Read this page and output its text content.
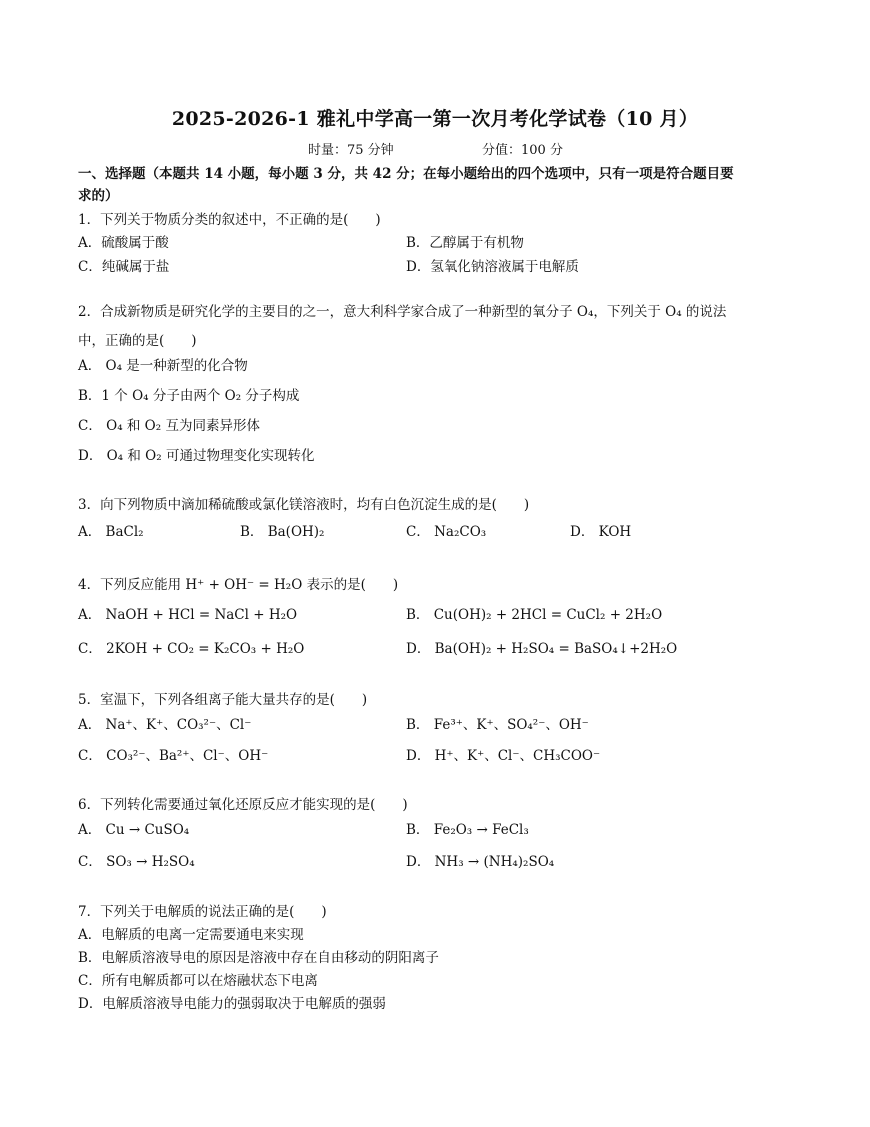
2025-2026-1 雅礼中学高一第一次月考化学试卷（10 月）
时量：75 分钟	分值：100 分
一、选择题（本题共 14 小题，每小题 3 分，共 42 分；在每小题给出的四个选项中，只有一项是符合题目要
求的）
1．下列关于物质分类的叙述中，不正确的是(　　)
A．硫酸属于酸	B．乙醇属于有机物
C．纯碱属于盐	D．氢氧化钠溶液属于电解质
2．合成新物质是研究化学的主要目的之一，意大利科学家合成了一种新型的氧分子 O₄，下列关于 O₄ 的说法
中，正确的是(　　)
A． O₄ 是一种新型的化合物
B．1 个 O₄ 分子由两个 O₂ 分子构成
C． O₄ 和 O₂ 互为同素异形体
D． O₄ 和 O₂ 可通过物理变化实现转化
3．向下列物质中滴加稀硫酸或氯化镁溶液时，均有白色沉淀生成的是(　　)
A． BaCl₂	B． Ba(OH)₂	C． Na₂CO₃	D． KOH
4．下列反应能用 H⁺ + OH⁻ = H₂O 表示的是(　　)
A． NaOH + HCl = NaCl + H₂O	B． Cu(OH)₂ + 2HCl = CuCl₂ + 2H₂O
C． 2KOH + CO₂ = K₂CO₃ + H₂O	D． Ba(OH)₂ + H₂SO₄ = BaSO₄↓+2H₂O
5．室温下，下列各组离子能大量共存的是(　　)
A． Na⁺、K⁺、CO₃²⁻、Cl⁻	B． Fe³⁺、K⁺、SO₄²⁻、OH⁻
C． CO₃²⁻、Ba²⁺、Cl⁻、OH⁻	D． H⁺、K⁺、Cl⁻、CH₃COO⁻
6．下列转化需要通过氧化还原反应才能实现的是(　　)
A． Cu → CuSO₄	B． Fe₂O₃ → FeCl₃
C． SO₃ → H₂SO₄	D． NH₃ → (NH₄)₂SO₄
7．下列关于电解质的说法正确的是(　　)
A．电解质的电离一定需要通电来实现
B．电解质溶液导电的原因是溶液中存在自由移动的阴阳离子
C．所有电解质都可以在熔融状态下电离
D．电解质溶液导电能力的强弱取决于电解质的强弱
